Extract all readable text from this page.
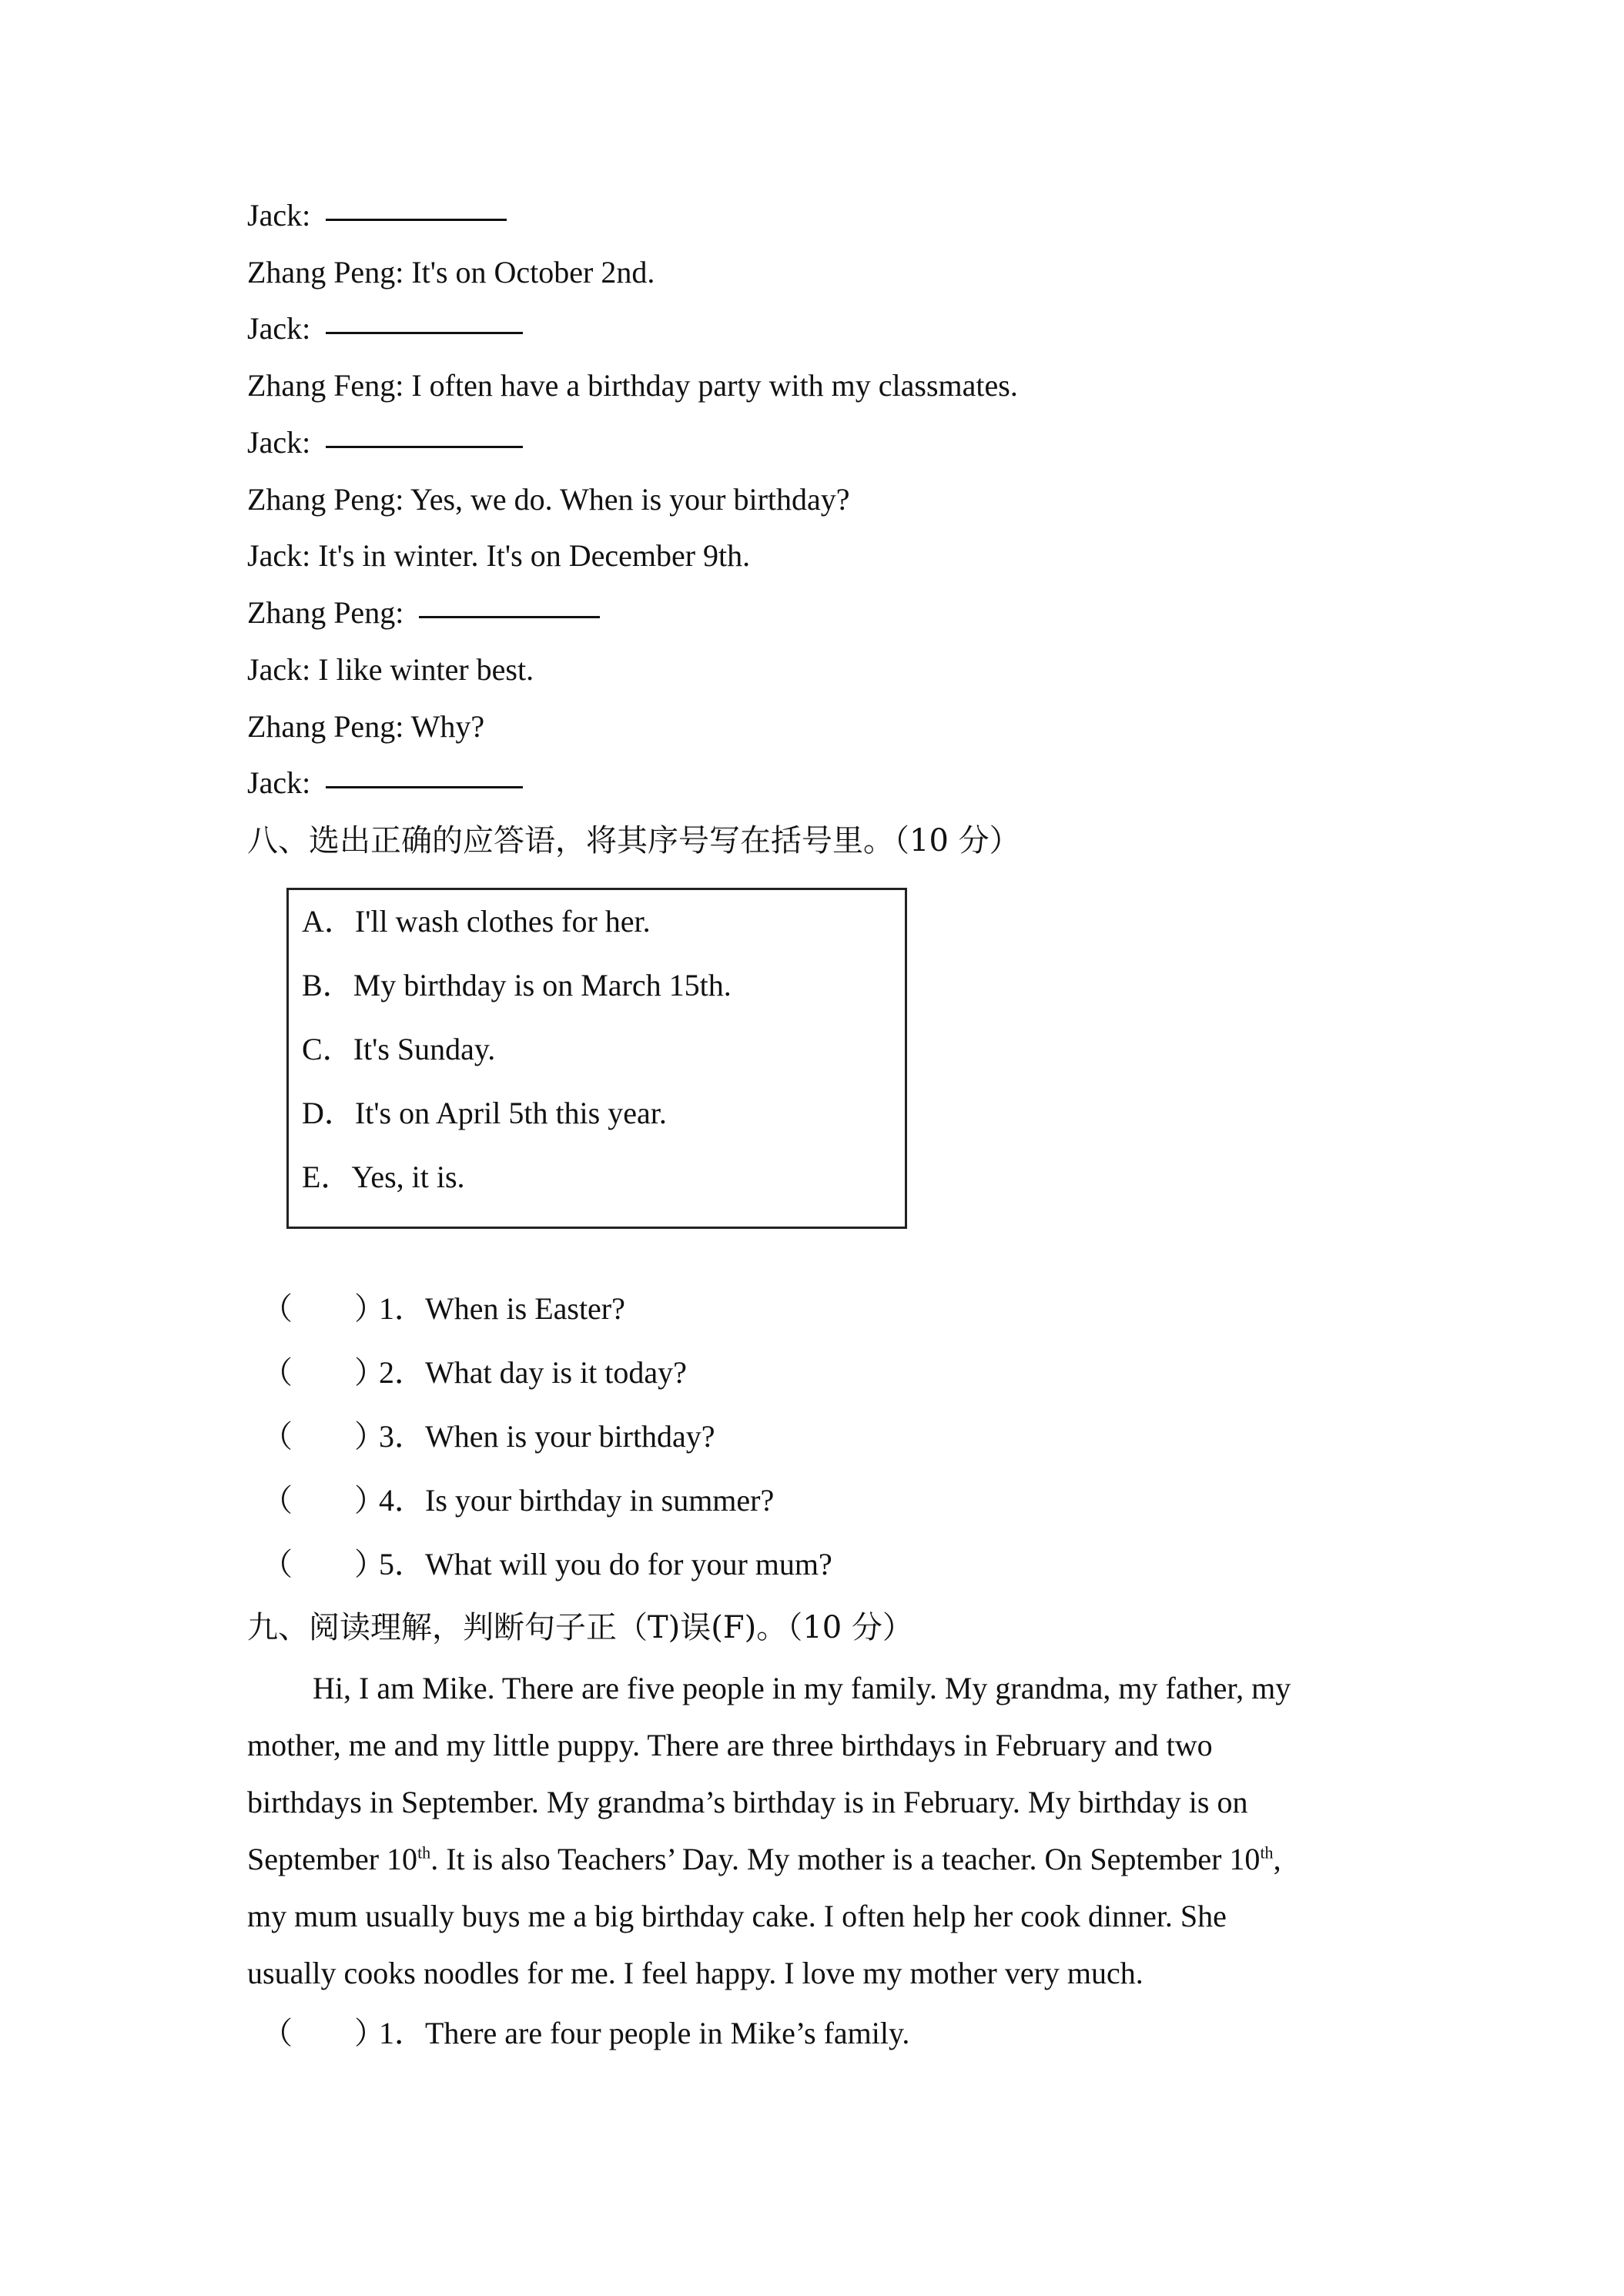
Jack:
Zhang Peng: It's on October 2nd.
Jack:
Zhang Feng: I often have a birthday party with my classmates.
Jack:
Zhang Peng: Yes, we do. When is your birthday?
Jack: It's in winter. It's on December 9th.
Zhang Peng:
Jack: I like winter best.
Zhang Peng: Why?
Jack:
八、选出正确的应答语，将其序号写在括号里。（10 分）
A．I'll wash clothes for her.
B．My birthday is on March 15th.
C．It's Sunday.
D．It's on April 5th this year.
E．Yes, it is.
（　　）1．When is Easter?
（　　）2．What day is it today?
（　　）3．When is your birthday?
（　　）4．Is your birthday in summer?
（　　）5．What will you do for your mum?
九、阅读理解，判断句子正（T)误(F)。（10 分）
Hi, I am Mike. There are five people in my family. My grandma, my father, my
mother, me and my little puppy. There are three birthdays in February and two
birthdays in September. My grandma’s birthday is in February. My birthday is on
September 10th. It is also Teachers’ Day. My mother is a teacher. On September 10th,
my mum usually buys me a big birthday cake. I often help her cook dinner. She
usually cooks noodles for me. I feel happy. I love my mother very much.
（　　）1．There are four people in Mike’s family.
